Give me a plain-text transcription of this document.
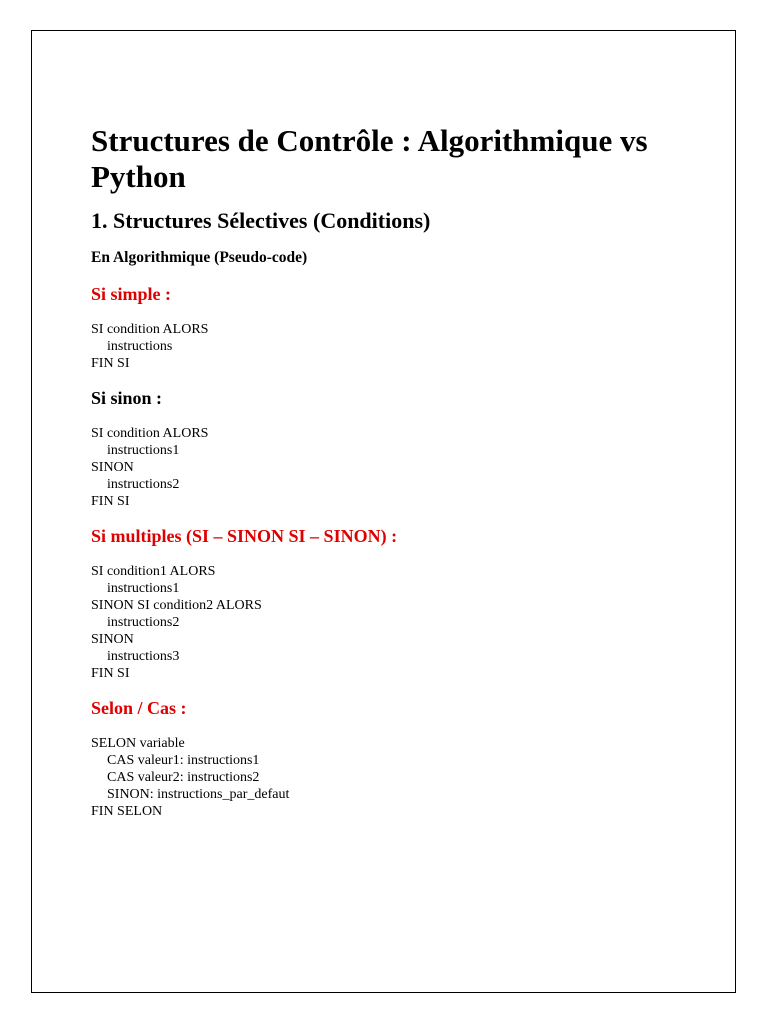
Structures de Contrôle : Algorithmique vs Python
1. Structures Sélectives (Conditions)
En Algorithmique (Pseudo-code)
Si simple :
SI condition ALORS
instructions
FIN SI
Si sinon :
SI condition ALORS
instructions1
SINON
instructions2
FIN SI
Si multiples (SI – SINON SI – SINON) :
SI condition1 ALORS
instructions1
SINON SI condition2 ALORS
instructions2
SINON
instructions3
FIN SI
Selon / Cas :
SELON variable
CAS valeur1: instructions1
CAS valeur2: instructions2
SINON: instructions_par_defaut
FIN SELON
